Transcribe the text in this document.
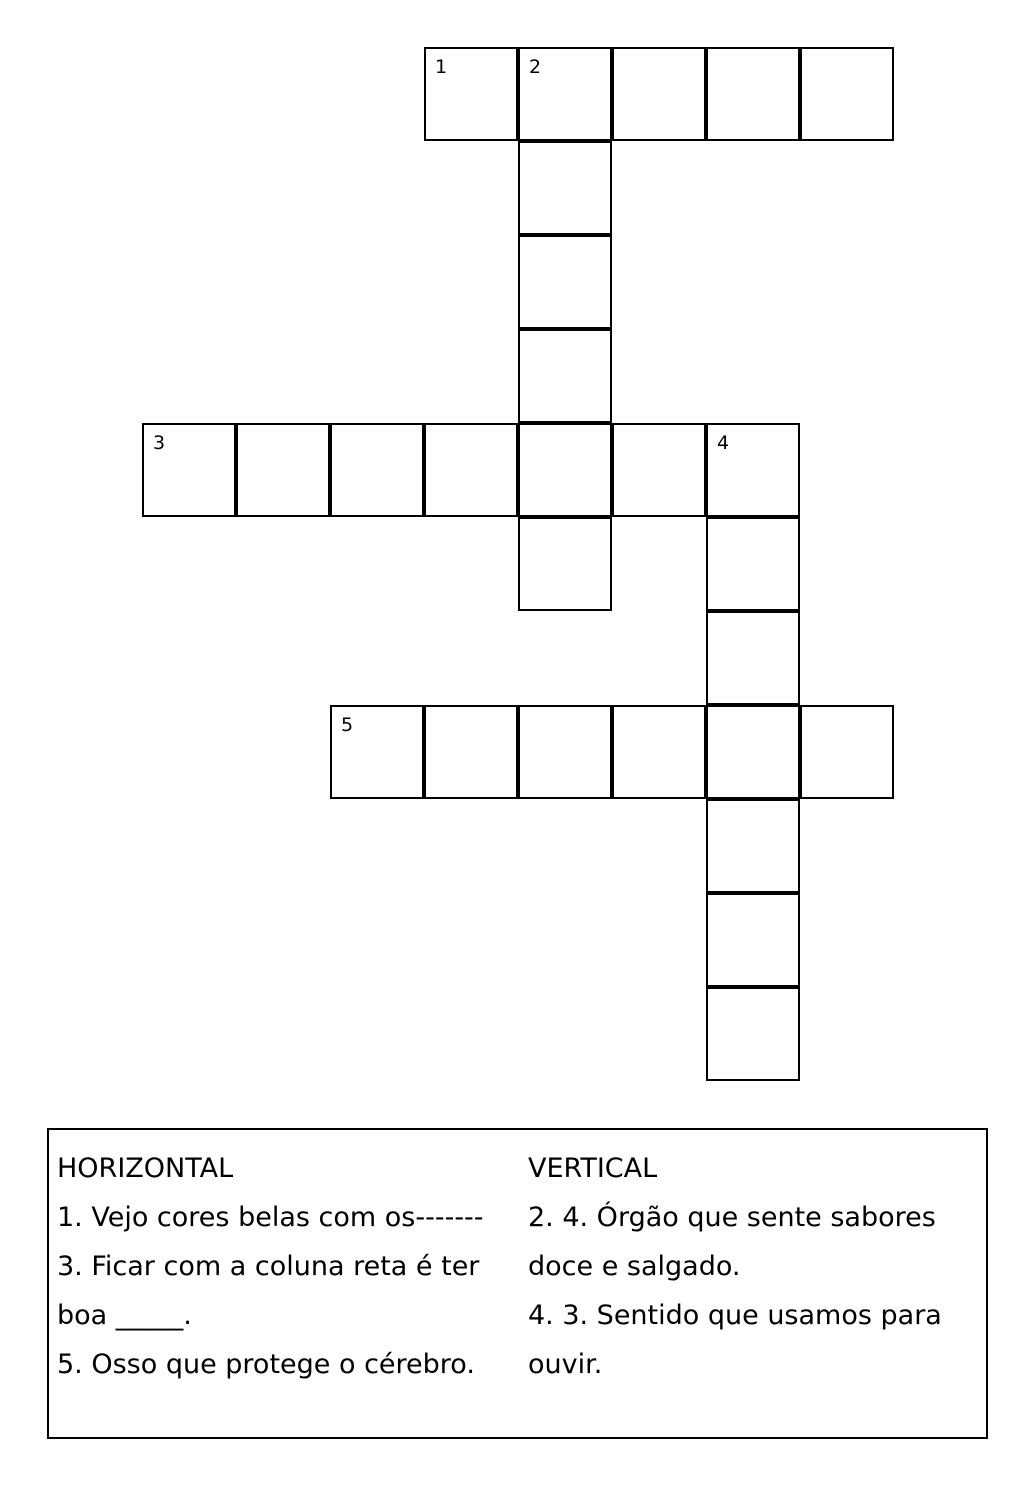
1	2
3	4
5
HORIZONTAL
1. Vejo cores belas com os-------
3. Ficar com a coluna reta é ter
boa _____.
5. Osso que protege o cérebro.
VERTICAL
2. 4. Órgão que sente sabores
doce e salgado.
4. 3. Sentido que usamos para
ouvir.
